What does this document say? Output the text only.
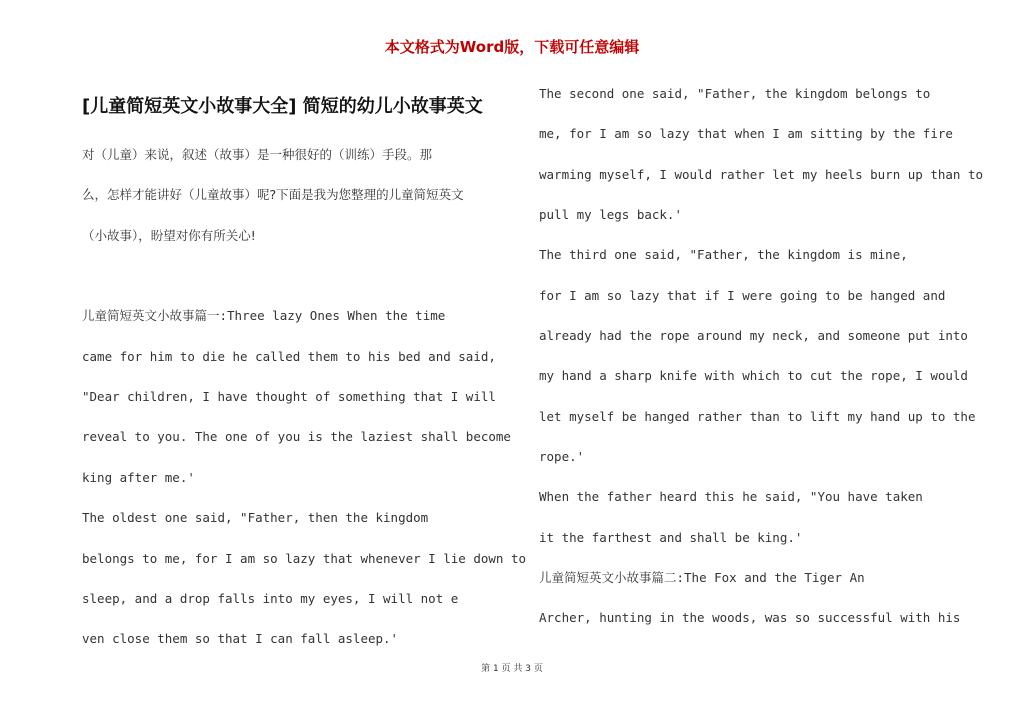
本文格式为Word版，下载可任意编辑
[儿童简短英文小故事大全] 简短的幼儿小故事英文
对（儿童）来说，叙述（故事）是一种很好的（训练）手段。那
么，怎样才能讲好（儿童故事）呢?下面是我为您整理的儿童简短英文
（小故事），盼望对你有所关心!
儿童简短英文小故事篇一:Three lazy Ones When the time
came for him to die he called them to his bed and said,
"Dear children, I have thought of something that I will
reveal to you. The one of you is the laziest shall become
king after me.'
The oldest one said, "Father, then the kingdom
belongs to me, for I am so lazy that whenever I lie down to
sleep, and a drop falls into my eyes, I will not e
ven close them so that I can fall asleep.'
The second one said, "Father, the kingdom belongs to
me, for I am so lazy that when I am sitting by the fire
warming myself, I would rather let my heels burn up than to
pull my legs back.'
The third one said, "Father, the kingdom is mine,
for I am so lazy that if I were going to be hanged and
already had the rope around my neck, and someone put into
my hand a sharp knife with which to cut the rope, I would
let myself be hanged rather than to lift my hand up to the
rope.'
When the father heard this he said, "You have taken
it the farthest and shall be king.'
儿童简短英文小故事篇二:The Fox and the Tiger An
Archer, hunting in the woods, was so successful with his
第 1 页 共 3 页
